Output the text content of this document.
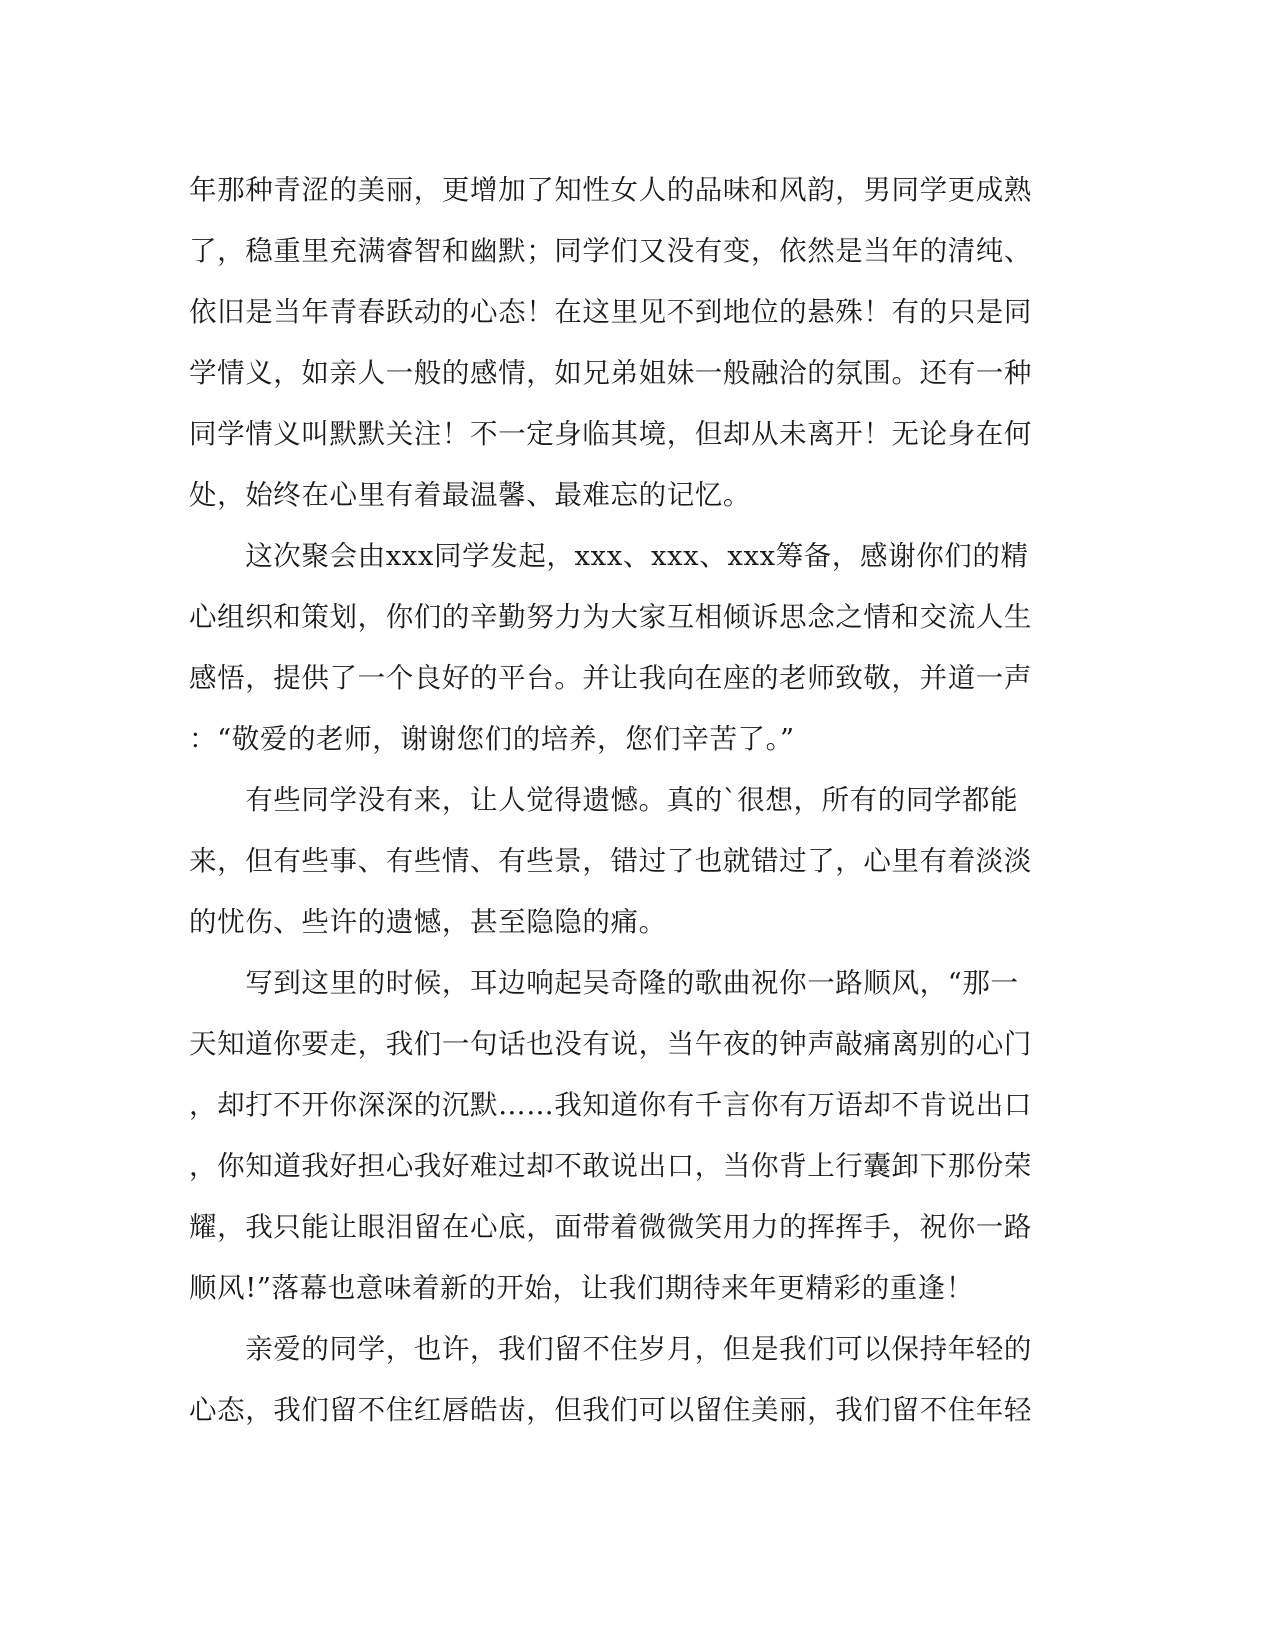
年那种青涩的美丽，更增加了知性女人的品味和风韵，男同学更成熟
了，稳重里充满睿智和幽默；同学们又没有变，依然是当年的清纯、
依旧是当年青春跃动的心态！在这里见不到地位的悬殊！有的只是同
学情义，如亲人一般的感情，如兄弟姐妹一般融洽的氛围。还有一种
同学情义叫默默关注！不一定身临其境，但却从未离开！无论身在何
处，始终在心里有着最温馨、最难忘的记忆。
　　这次聚会由xxx同学发起，xxx、xxx、xxx筹备，感谢你们的精
心组织和策划，你们的辛勤努力为大家互相倾诉思念之情和交流人生
感悟，提供了一个良好的平台。并让我向在座的老师致敬，并道一声
：“敬爱的老师，谢谢您们的培养，您们辛苦了。”
　　有些同学没有来，让人觉得遗憾。真的`很想，所有的同学都能
来，但有些事、有些情、有些景，错过了也就错过了，心里有着淡淡
的忧伤、些许的遗憾，甚至隐隐的痛。
　　写到这里的时候，耳边响起吴奇隆的歌曲祝你一路顺风，“那一
天知道你要走，我们一句话也没有说，当午夜的钟声敲痛离别的心门
，却打不开你深深的沉默……我知道你有千言你有万语却不肯说出口
，你知道我好担心我好难过却不敢说出口，当你背上行囊卸下那份荣
耀，我只能让眼泪留在心底，面带着微微笑用力的挥挥手，祝你一路
顺风!”落幕也意味着新的开始，让我们期待来年更精彩的重逢！
　　亲爱的同学，也许，我们留不住岁月，但是我们可以保持年轻的
心态，我们留不住红唇皓齿，但我们可以留住美丽，我们留不住年轻
